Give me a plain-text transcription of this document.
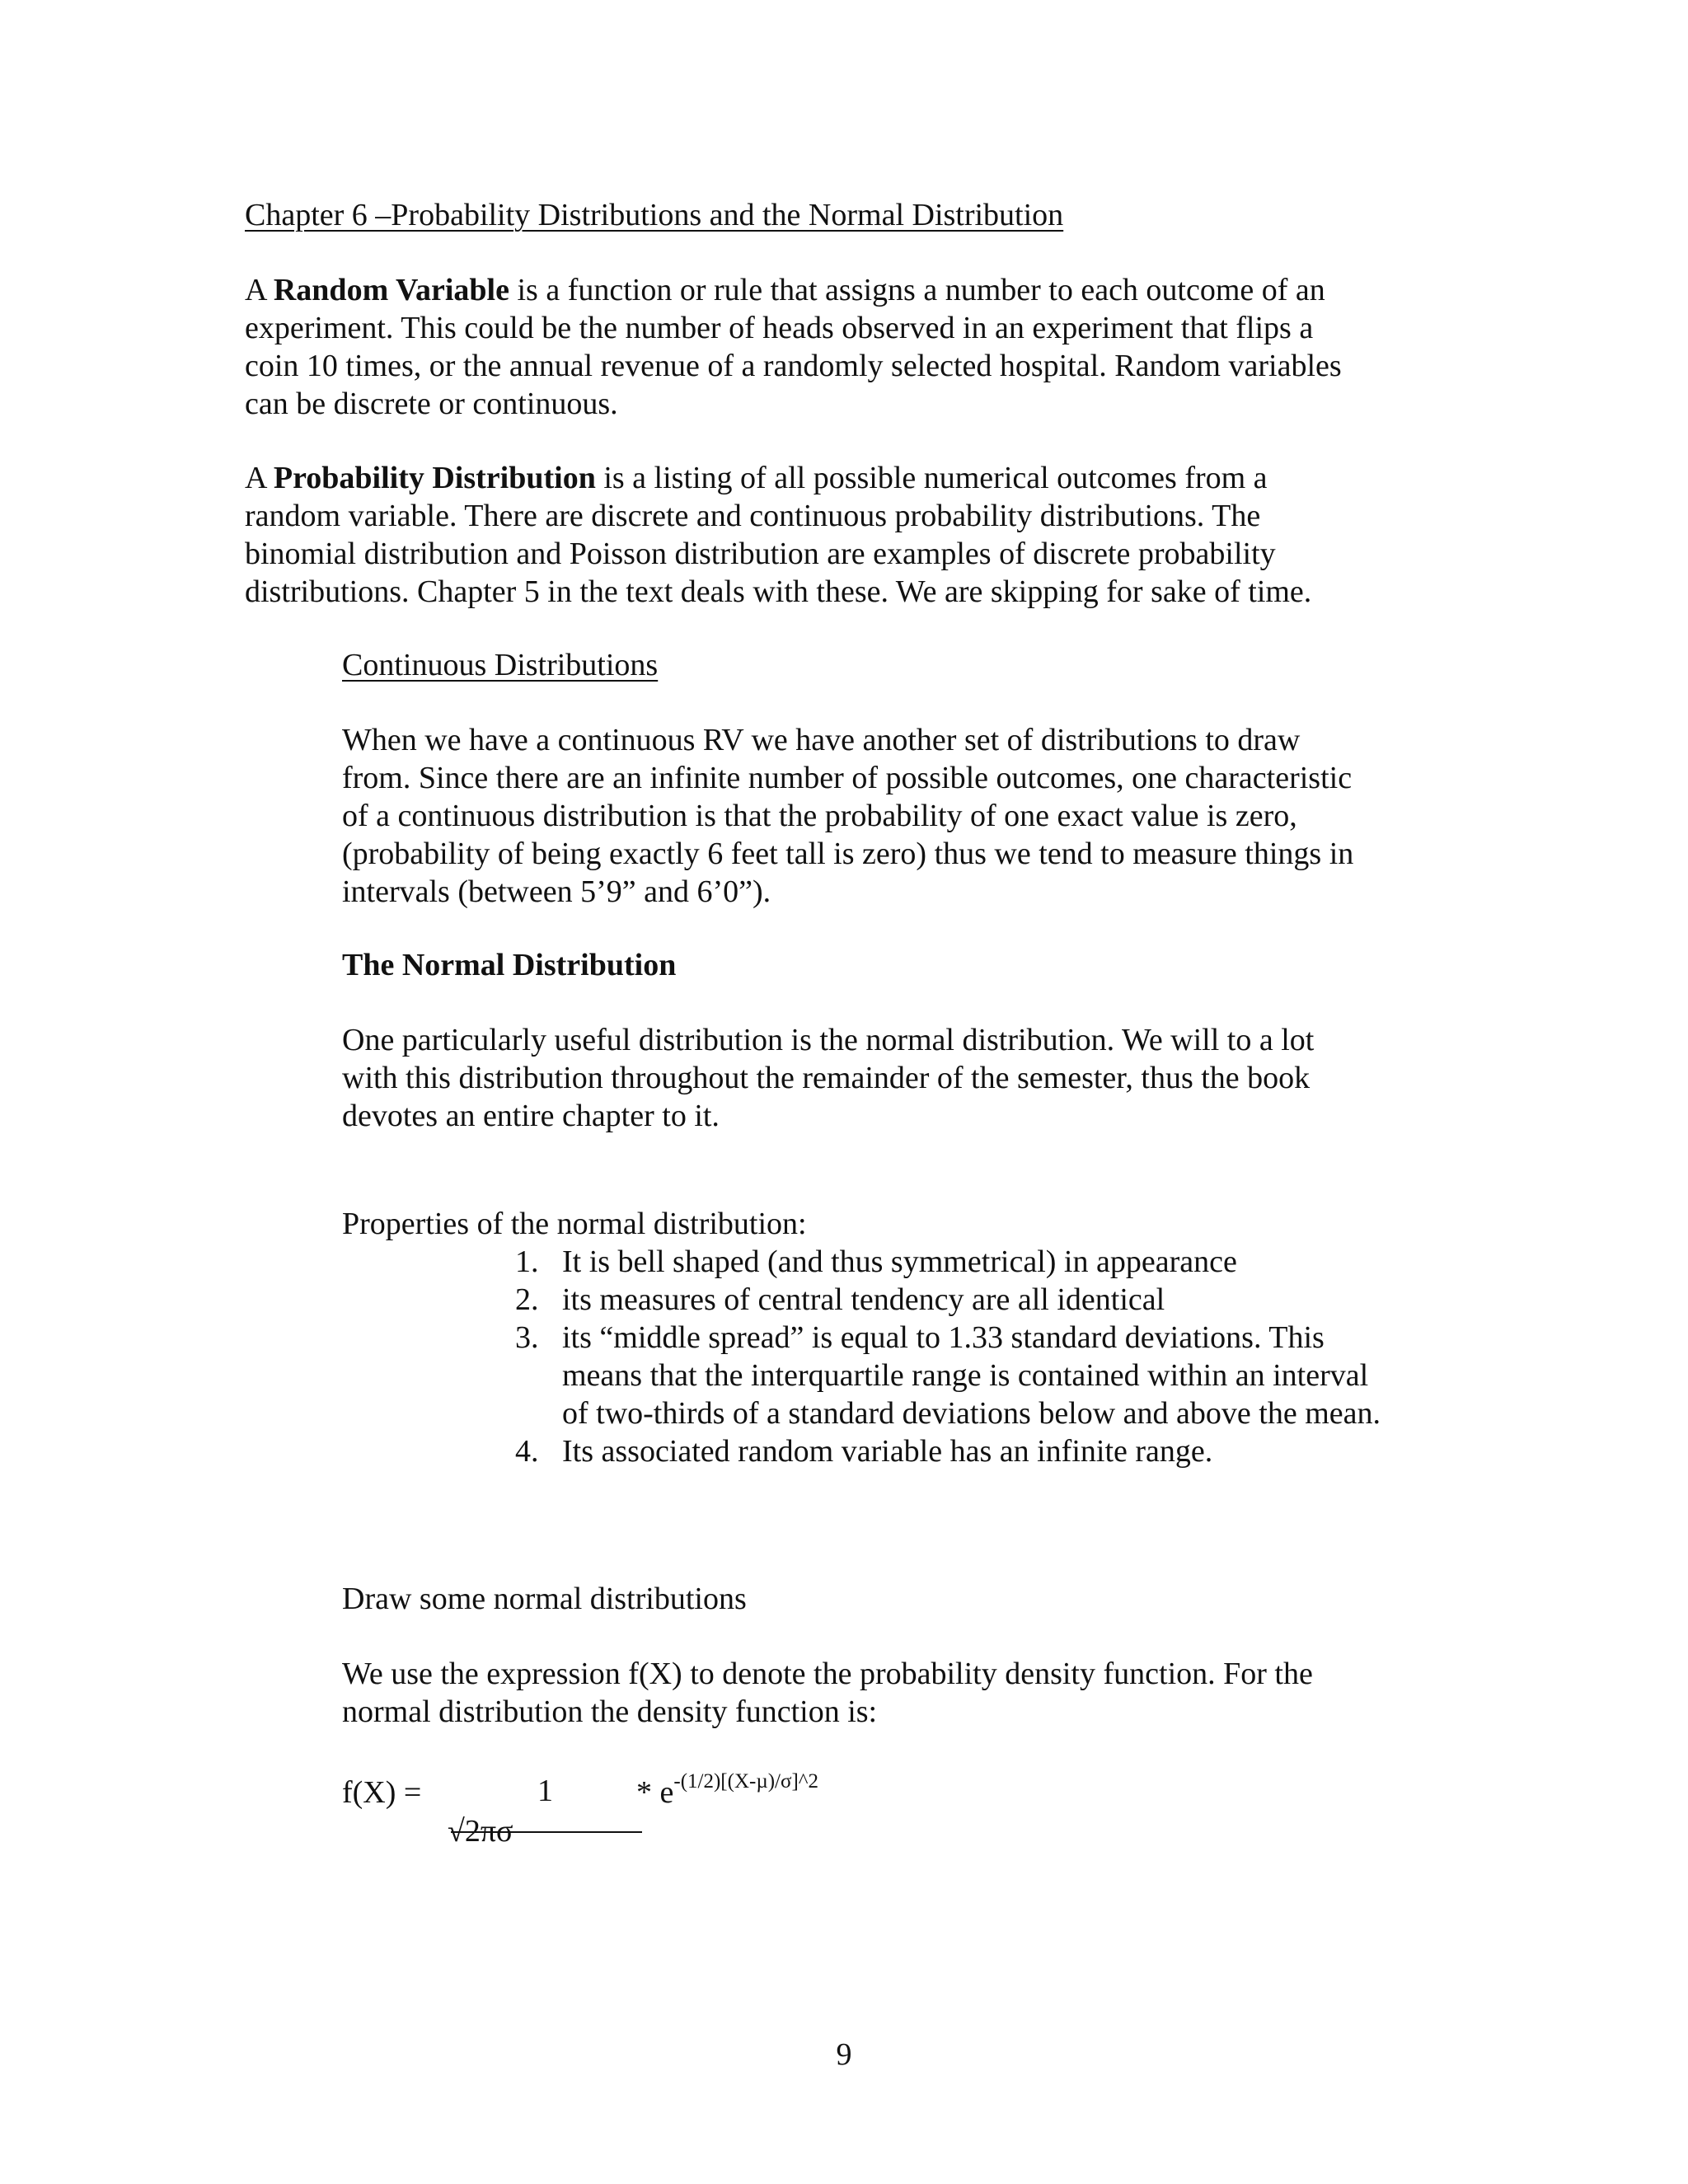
Chapter 6 –Probability Distributions and the Normal Distribution

A Random Variable is a function or rule that assigns a number to each outcome of an
experiment. This could be the number of heads observed in an experiment that flips a
coin 10 times, or the annual revenue of a randomly selected hospital. Random variables
can be discrete or continuous.

A Probability Distribution is a listing of all possible numerical outcomes from a
random variable. There are discrete and continuous probability distributions. The
binomial distribution and Poisson distribution are examples of discrete probability
distributions. Chapter 5 in the text deals with these. We are skipping for sake of time.

Continuous Distributions

When we have a continuous RV we have another set of distributions to draw
from. Since there are an infinite number of possible outcomes, one characteristic
of a continuous distribution is that the probability of one exact value is zero,
(probability of being exactly 6 feet tall is zero) thus we tend to measure things in
intervals (between 5’9” and 6’0”).

The Normal Distribution

One particularly useful distribution is the normal distribution. We will to a lot
with this distribution throughout the remainder of the semester, thus the book
devotes an entire chapter to it.

Properties of the normal distribution:

1. It is bell shaped (and thus symmetrical) in appearance
2. its measures of central tendency are all identical
3. its “middle spread” is equal to 1.33 standard deviations. This
means that the interquartile range is contained within an interval
of two-thirds of a standard deviations below and above the mean.
4. Its associated random variable has an infinite range.

Draw some normal distributions

We use the expression f(X) to denote the probability density function. For the
normal distribution the density function is:

f(X) =	1
√2πσ
* $e^{-(1/2)[(X-\mu)/\sigma]\^{}2}$
9
